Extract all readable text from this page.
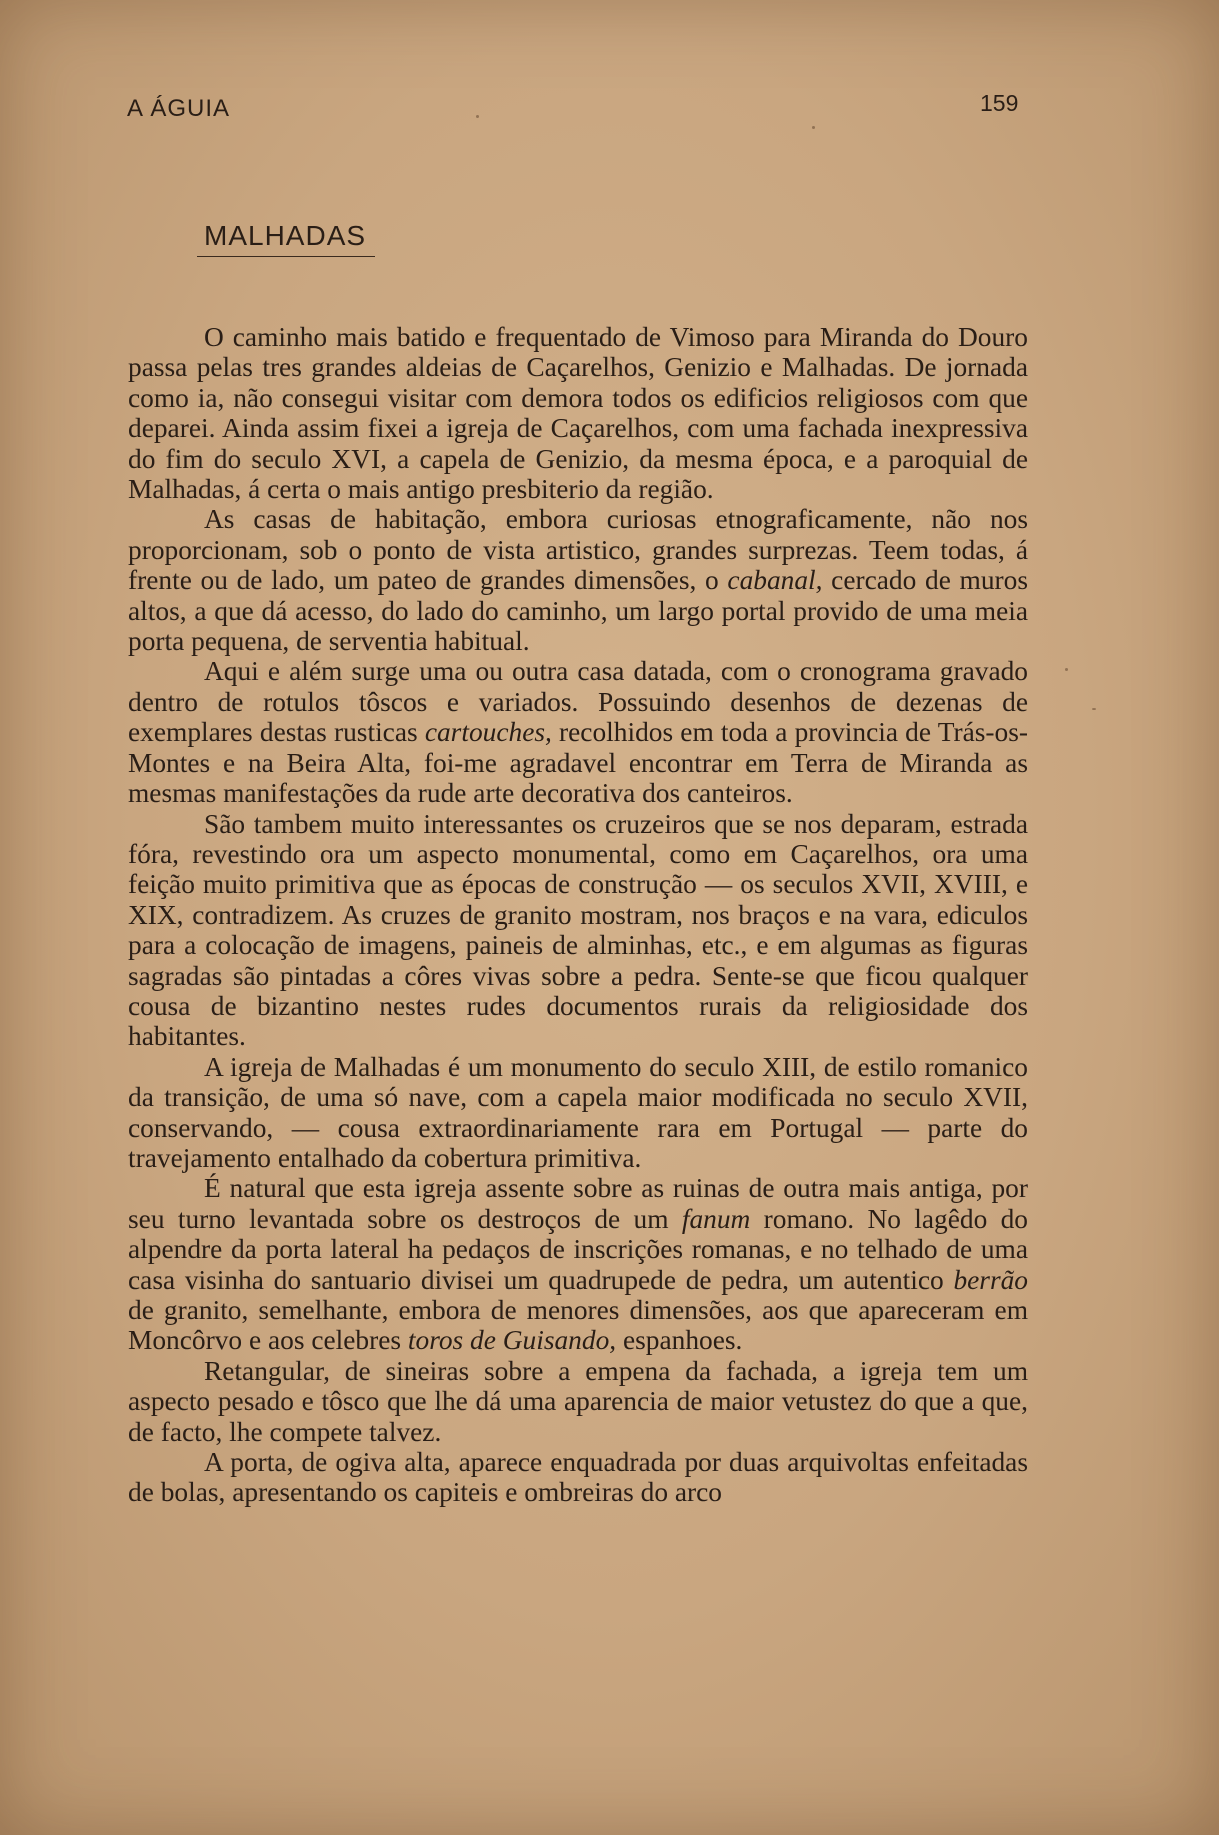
A ÁGUIA	159
MALHADAS

O caminho mais batido e frequentado de Vimoso para Miranda do Douro passa pelas tres grandes aldeias de Caçarelhos, Genizio e Malhadas. De jornada como ia, não consegui visitar com demora todos os edificios religiosos com que deparei. Ainda assim fixei a igreja de Caçarelhos, com uma fachada inexpressiva do fim do seculo XVI, a capela de Genizio, da mesma época, e a paroquial de Malhadas, á certa o mais antigo presbiterio da região.

As casas de habitação, embora curiosas etnograficamente, não nos proporcionam, sob o ponto de vista artistico, grandes surprezas. Teem todas, á frente ou de lado, um pateo de grandes dimensões, o cabanal, cercado de muros altos, a que dá acesso, do lado do caminho, um largo portal provido de uma meia porta pequena, de serventia habitual.

Aqui e além surge uma ou outra casa datada, com o cronograma gravado dentro de rotulos tôscos e variados. Possuindo desenhos de dezenas de exemplares destas rusticas cartouches, recolhidos em toda a provincia de Trás-os-Montes e na Beira Alta, foi-me agradavel encontrar em Terra de Miranda as mesmas manifestações da rude arte decorativa dos canteiros.

São tambem muito interessantes os cruzeiros que se nos deparam, estrada fóra, revestindo ora um aspecto monumental, como em Caçarelhos, ora uma feição muito primitiva que as épocas de construção — os seculos XVII, XVIII, e XIX, contradizem. As cruzes de granito mostram, nos braços e na vara, ediculos para a colocação de imagens, paineis de alminhas, etc., e em algumas as figuras sagradas são pintadas a côres vivas sobre a pedra. Sente-se que ficou qualquer cousa de bizantino nestes rudes documentos rurais da religiosidade dos habitantes.

A igreja de Malhadas é um monumento do seculo XIII, de estilo romanico da transição, de uma só nave, com a capela maior modificada no seculo XVII, conservando, — cousa extraordinariamente rara em Portugal — parte do travejamento entalhado da cobertura primitiva.

É natural que esta igreja assente sobre as ruinas de outra mais antiga, por seu turno levantada sobre os destroços de um fanum romano. No lagêdo do alpendre da porta lateral ha pedaços de inscrições romanas, e no telhado de uma casa visinha do santuario divisei um quadrupede de pedra, um autentico berrão de granito, semelhante, embora de menores dimensões, aos que apareceram em Moncôrvo e aos celebres toros de Guisando, espanhoes.

Retangular, de sineiras sobre a empena da fachada, a igreja tem um aspecto pesado e tôsco que lhe dá uma aparencia de maior vetustez do que a que, de facto, lhe compete talvez.

A porta, de ogiva alta, aparece enquadrada por duas arquivoltas enfeitadas de bolas, apresentando os capiteis e ombreiras do arco
